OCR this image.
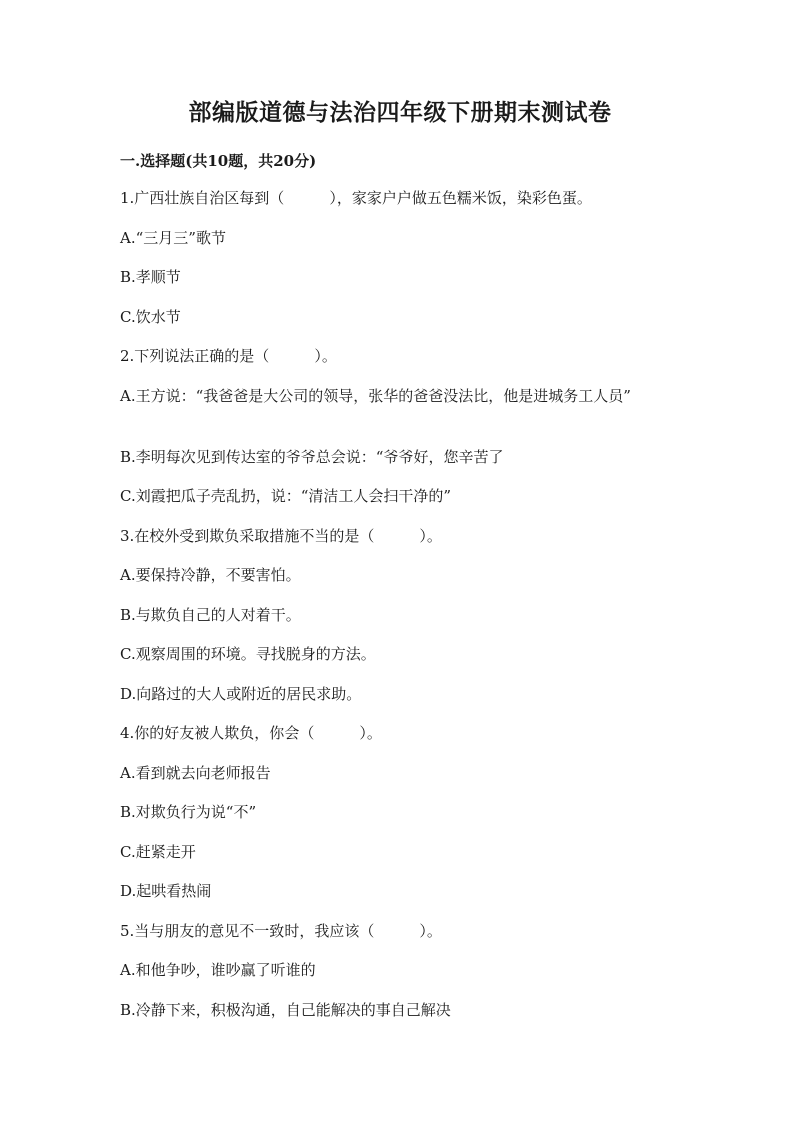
部编版道德与法治四年级下册期末测试卷
一.选择题(共10题，共20分)

1.广西壮族自治区每到（　　　），家家户户做五色糯米饭，染彩色蛋。

A.“三月三”歌节

B.孝顺节

C.饮水节

2.下列说法正确的是（　　　）。

A.王方说：“我爸爸是大公司的领导，张华的爸爸没法比，他是进城务工人员”

B.李明每次见到传达室的爷爷总会说：“爷爷好，您辛苦了

C.刘霞把瓜子壳乱扔，说：“清洁工人会扫干净的”

3.在校外受到欺负采取措施不当的是（　　　）。

A.要保持冷静，不要害怕。

B.与欺负自己的人对着干。

C.观察周围的环境。寻找脱身的方法。

D.向路过的大人或附近的居民求助。

4.你的好友被人欺负，你会（　　　）。

A.看到就去向老师报告

B.对欺负行为说“不”

C.赶紧走开

D.起哄看热闹

5.当与朋友的意见不一致时，我应该（　　　）。

A.和他争吵，谁吵赢了听谁的

B.冷静下来，积极沟通，自己能解决的事自己解决
